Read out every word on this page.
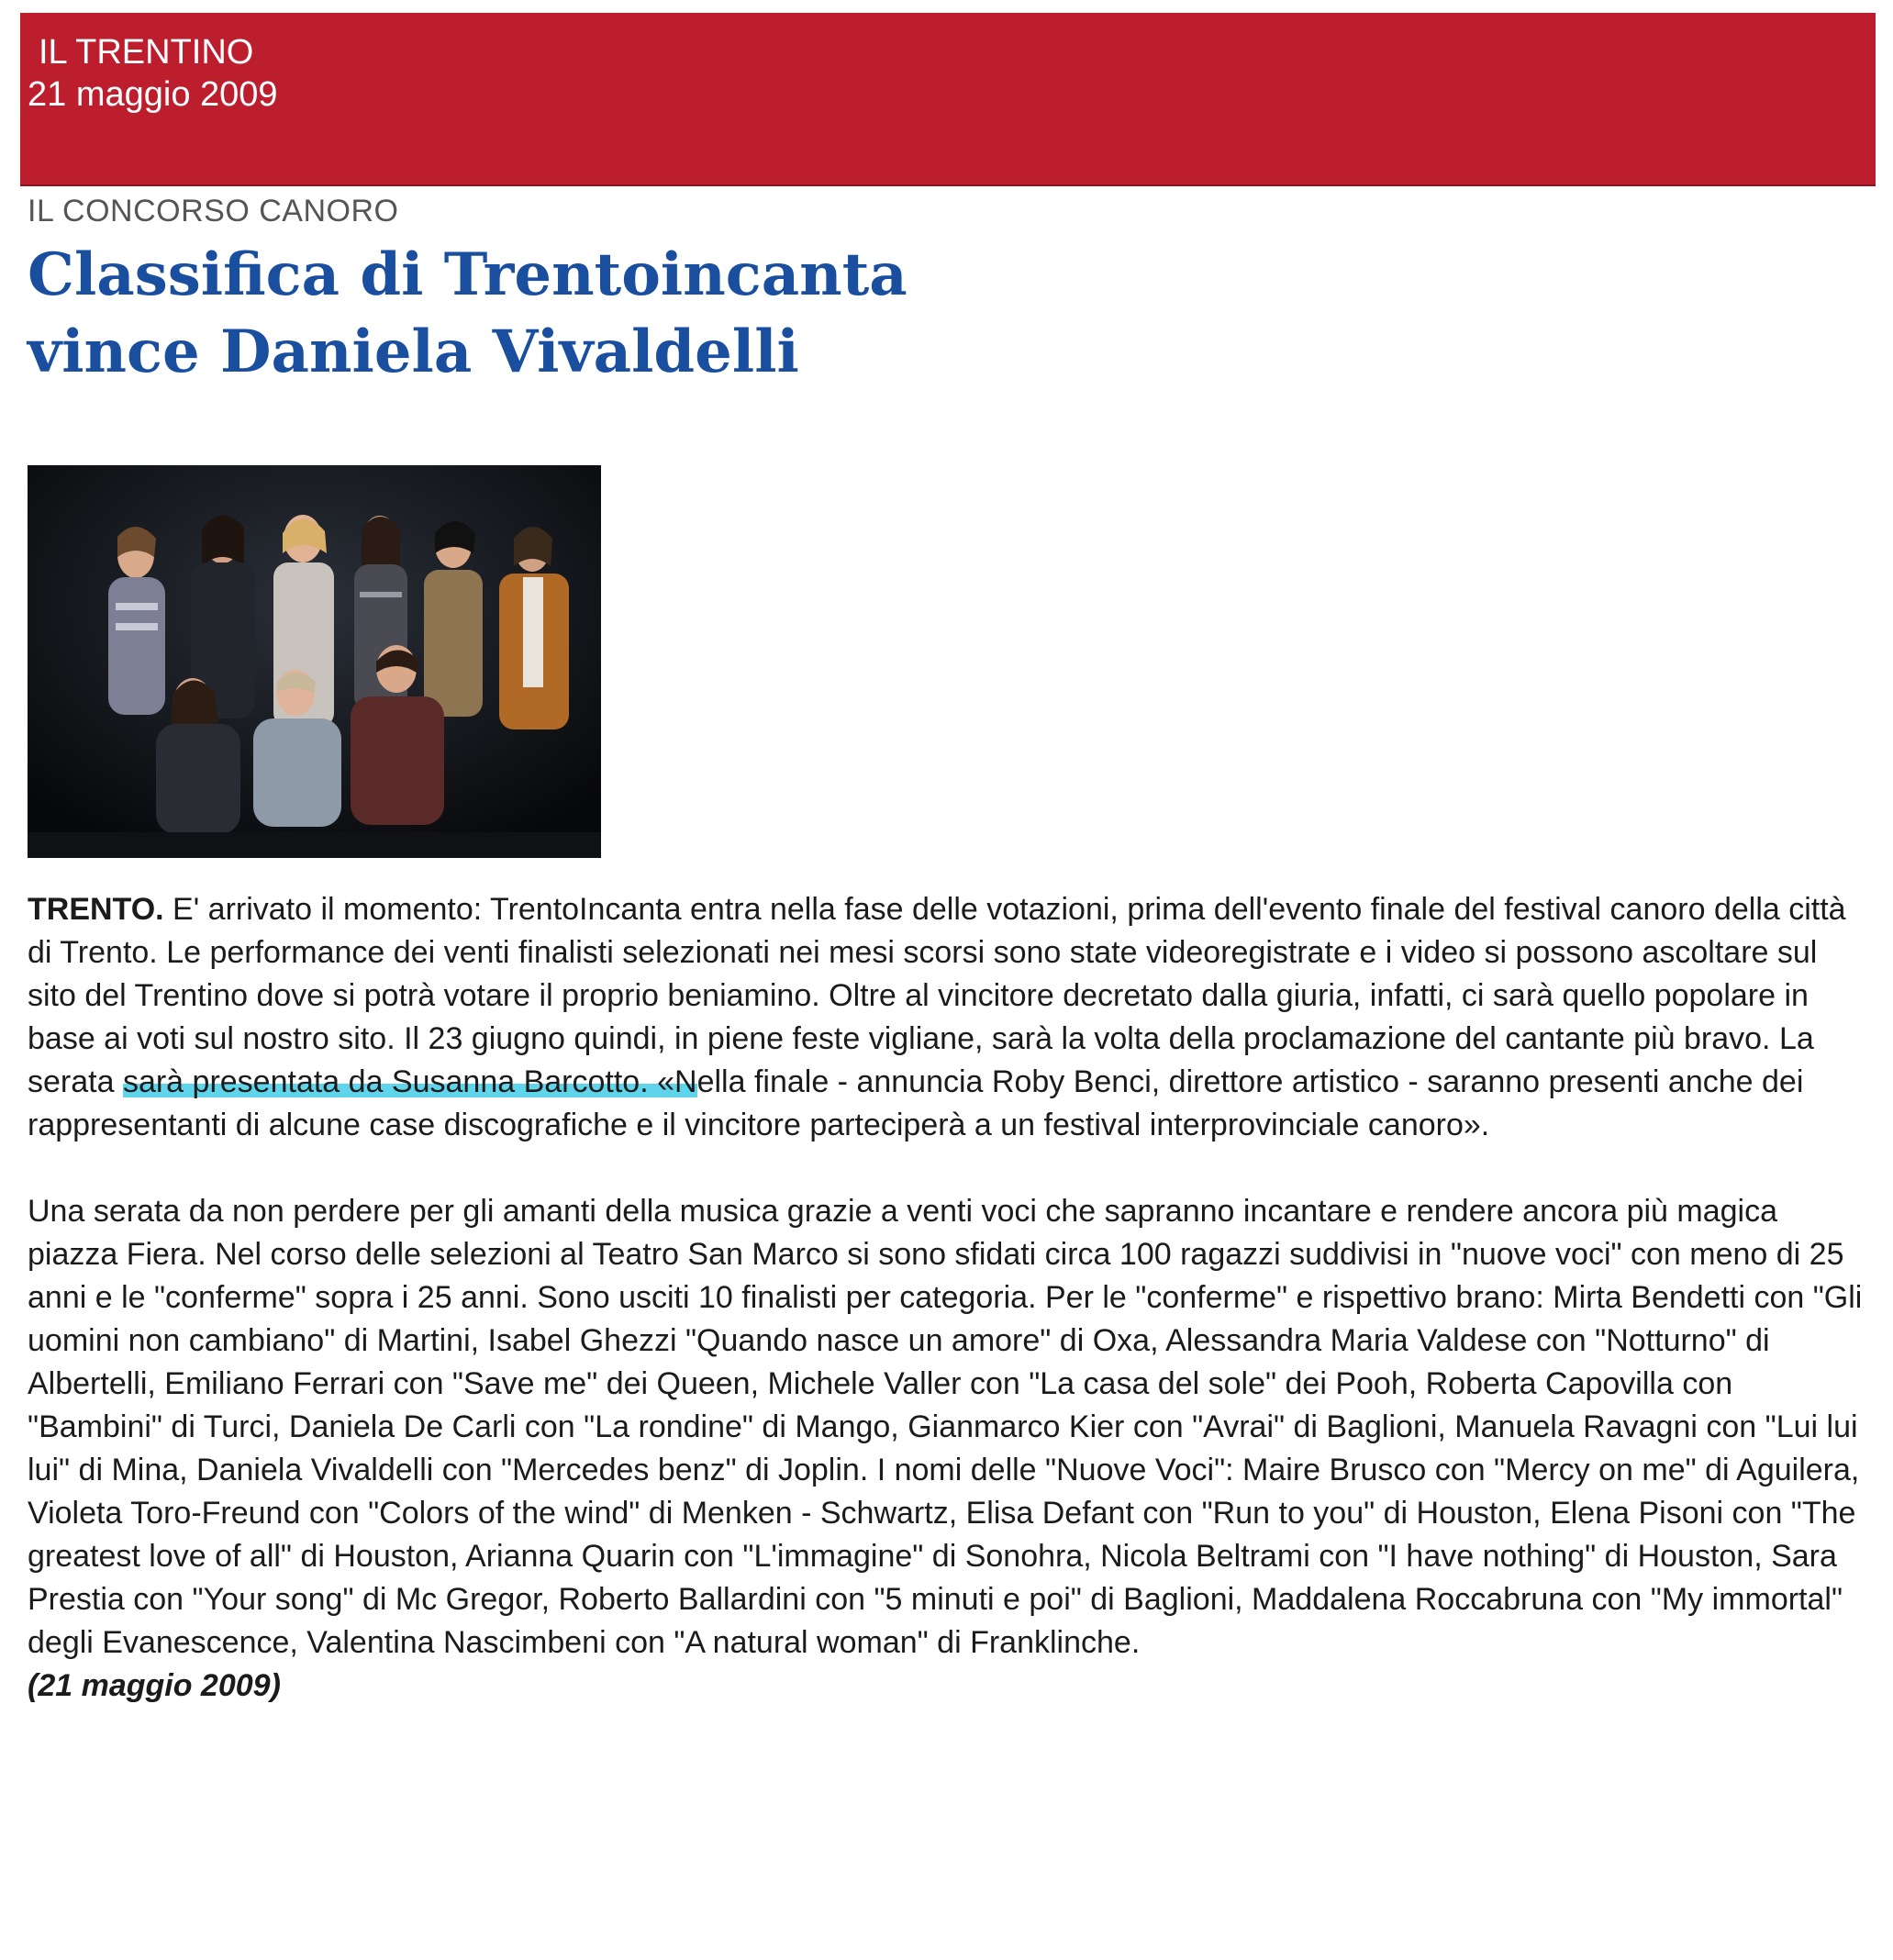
IL TRENTINO
21 maggio 2009
IL CONCORSO CANORO
Classifica di Trentoincanta
vince Daniela Vivaldelli

TRENTO. E' arrivato il momento: TrentoIncanta entra nella fase delle votazioni, prima dell'evento finale del festival canoro della città di Trento. Le performance dei venti finalisti selezionati nei mesi scorsi sono state videoregistrate e i video si possono ascoltare sul sito del Trentino dove si potrà votare il proprio beniamino. Oltre al vincitore decretato dalla giuria, infatti, ci sarà quello popolare in base ai voti sul nostro sito. Il 23 giugno quindi, in piene feste vigliane, sarà la volta della proclamazione del cantante più bravo. La serata sarà presentata da Susanna Barcotto. «Nella finale - annuncia Roby Benci, direttore artistico - saranno presenti anche dei rappresentanti di alcune case discografiche e il vincitore parteciperà a un festival interprovinciale canoro».

Una serata da non perdere per gli amanti della musica grazie a venti voci che sapranno incantare e rendere ancora più magica piazza Fiera. Nel corso delle selezioni al Teatro San Marco si sono sfidati circa 100 ragazzi suddivisi in "nuove voci" con meno di 25 anni e le "conferme" sopra i 25 anni. Sono usciti 10 finalisti per categoria. Per le "conferme" e rispettivo brano: Mirta Bendetti con "Gli uomini non cambiano" di Martini, Isabel Ghezzi "Quando nasce un amore" di Oxa, Alessandra Maria Valdese con "Notturno" di Albertelli, Emiliano Ferrari con "Save me" dei Queen, Michele Valler con "La casa del sole" dei Pooh, Roberta Capovilla con "Bambini" di Turci, Daniela De Carli con "La rondine" di Mango, Gianmarco Kier con "Avrai" di Baglioni, Manuela Ravagni con "Lui lui lui" di Mina, Daniela Vivaldelli con "Mercedes benz" di Joplin. I nomi delle "Nuove Voci": Maire Brusco con "Mercy on me" di Aguilera, Violeta Toro-Freund con "Colors of the wind" di Menken - Schwartz, Elisa Defant con "Run to you" di Houston, Elena Pisoni con "The greatest love of all" di Houston, Arianna Quarin con "L'immagine" di Sonohra, Nicola Beltrami con "I have nothing" di Houston, Sara Prestia con "Your song" di Mc Gregor, Roberto Ballardini con "5 minuti e poi" di Baglioni, Maddalena Roccabruna con "My immortal" degli Evanescence, Valentina Nascimbeni con "A natural woman" di Franklinche.

(21 maggio 2009)
